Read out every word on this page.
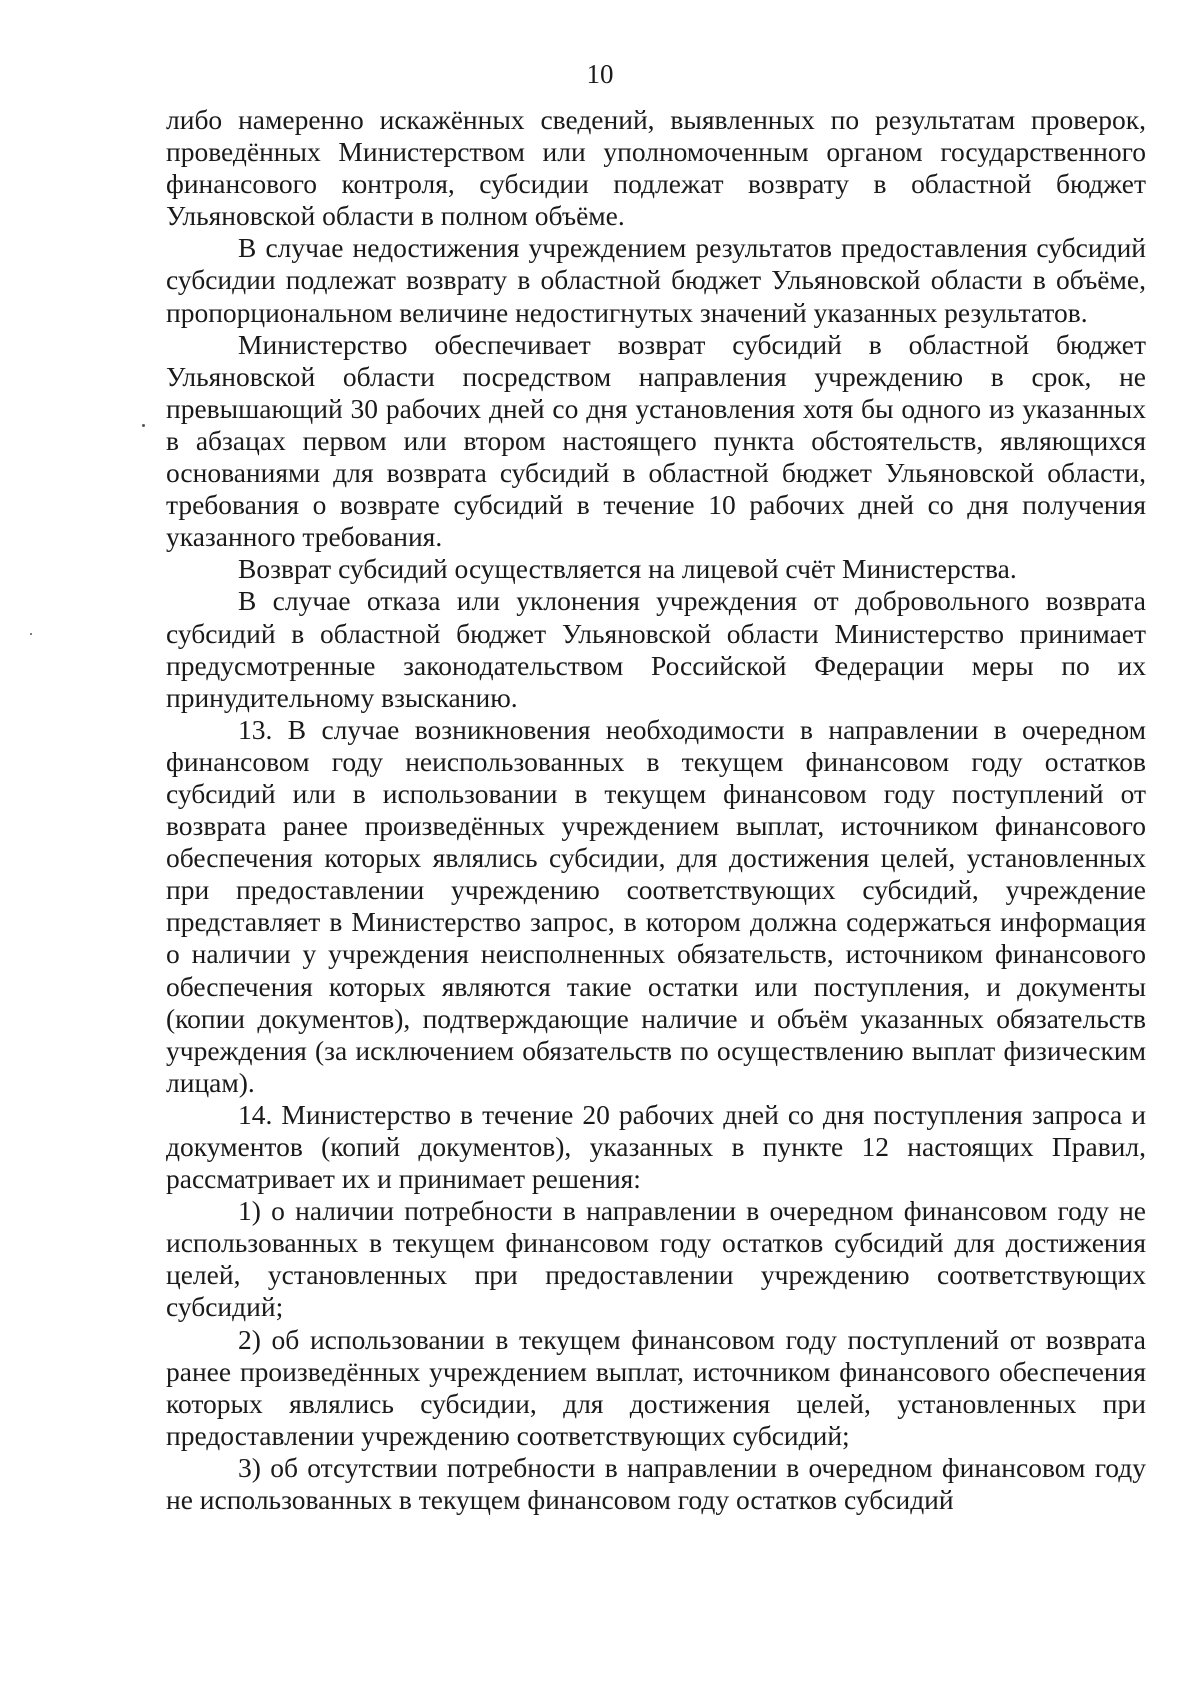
10

либо намеренно искажённых сведений, выявленных по результатам проверок, проведённых Министерством или уполномоченным органом государственного финансового контроля, субсидии подлежат возврату в областной бюджет Ульяновской области в полном объёме.

В случае недостижения учреждением результатов предоставления субсидий субсидии подлежат возврату в областной бюджет Ульяновской области в объёме, пропорциональном величине недостигнутых значений указанных результатов.

Министерство обеспечивает возврат субсидий в областной бюджет Ульяновской области посредством направления учреждению в срок, не превышающий 30 рабочих дней со дня установления хотя бы одного из указанных в абзацах первом или втором настоящего пункта обстоятельств, являющихся основаниями для возврата субсидий в областной бюджет Ульяновской области, требования о возврате субсидий в течение 10 рабочих дней со дня получения указанного требования.

Возврат субсидий осуществляется на лицевой счёт Министерства.

В случае отказа или уклонения учреждения от добровольного возврата субсидий в областной бюджет Ульяновской области Министерство принимает предусмотренные законодательством Российской Федерации меры по их принудительному взысканию.

13. В случае возникновения необходимости в направлении в очередном финансовом году неиспользованных в текущем финансовом году остатков субсидий или в использовании в текущем финансовом году поступлений от возврата ранее произведённых учреждением выплат, источником финансового обеспечения которых являлись субсидии, для достижения целей, установленных при предоставлении учреждению соответствующих субсидий, учреждение представляет в Министерство запрос, в котором должна содержаться информация о наличии у учреждения неисполненных обязательств, источником финансового обеспечения которых являются такие остатки или поступления, и документы (копии документов), подтверждающие наличие и объём указанных обязательств учреждения (за исключением обязательств по осуществлению выплат физическим лицам).

14. Министерство в течение 20 рабочих дней со дня поступления запроса и документов (копий документов), указанных в пункте 12 настоящих Правил, рассматривает их и принимает решения:

1) о наличии потребности в направлении в очередном финансовом году не использованных в текущем финансовом году остатков субсидий для достижения целей, установленных при предоставлении учреждению соответствующих субсидий;

2) об использовании в текущем финансовом году поступлений от возврата ранее произведённых учреждением выплат, источником финансового обеспечения которых являлись субсидии, для достижения целей, установленных при предоставлении учреждению соответствующих субсидий;

3) об отсутствии потребности в направлении в очередном финансовом году не использованных в текущем финансовом году остатков субсидий
